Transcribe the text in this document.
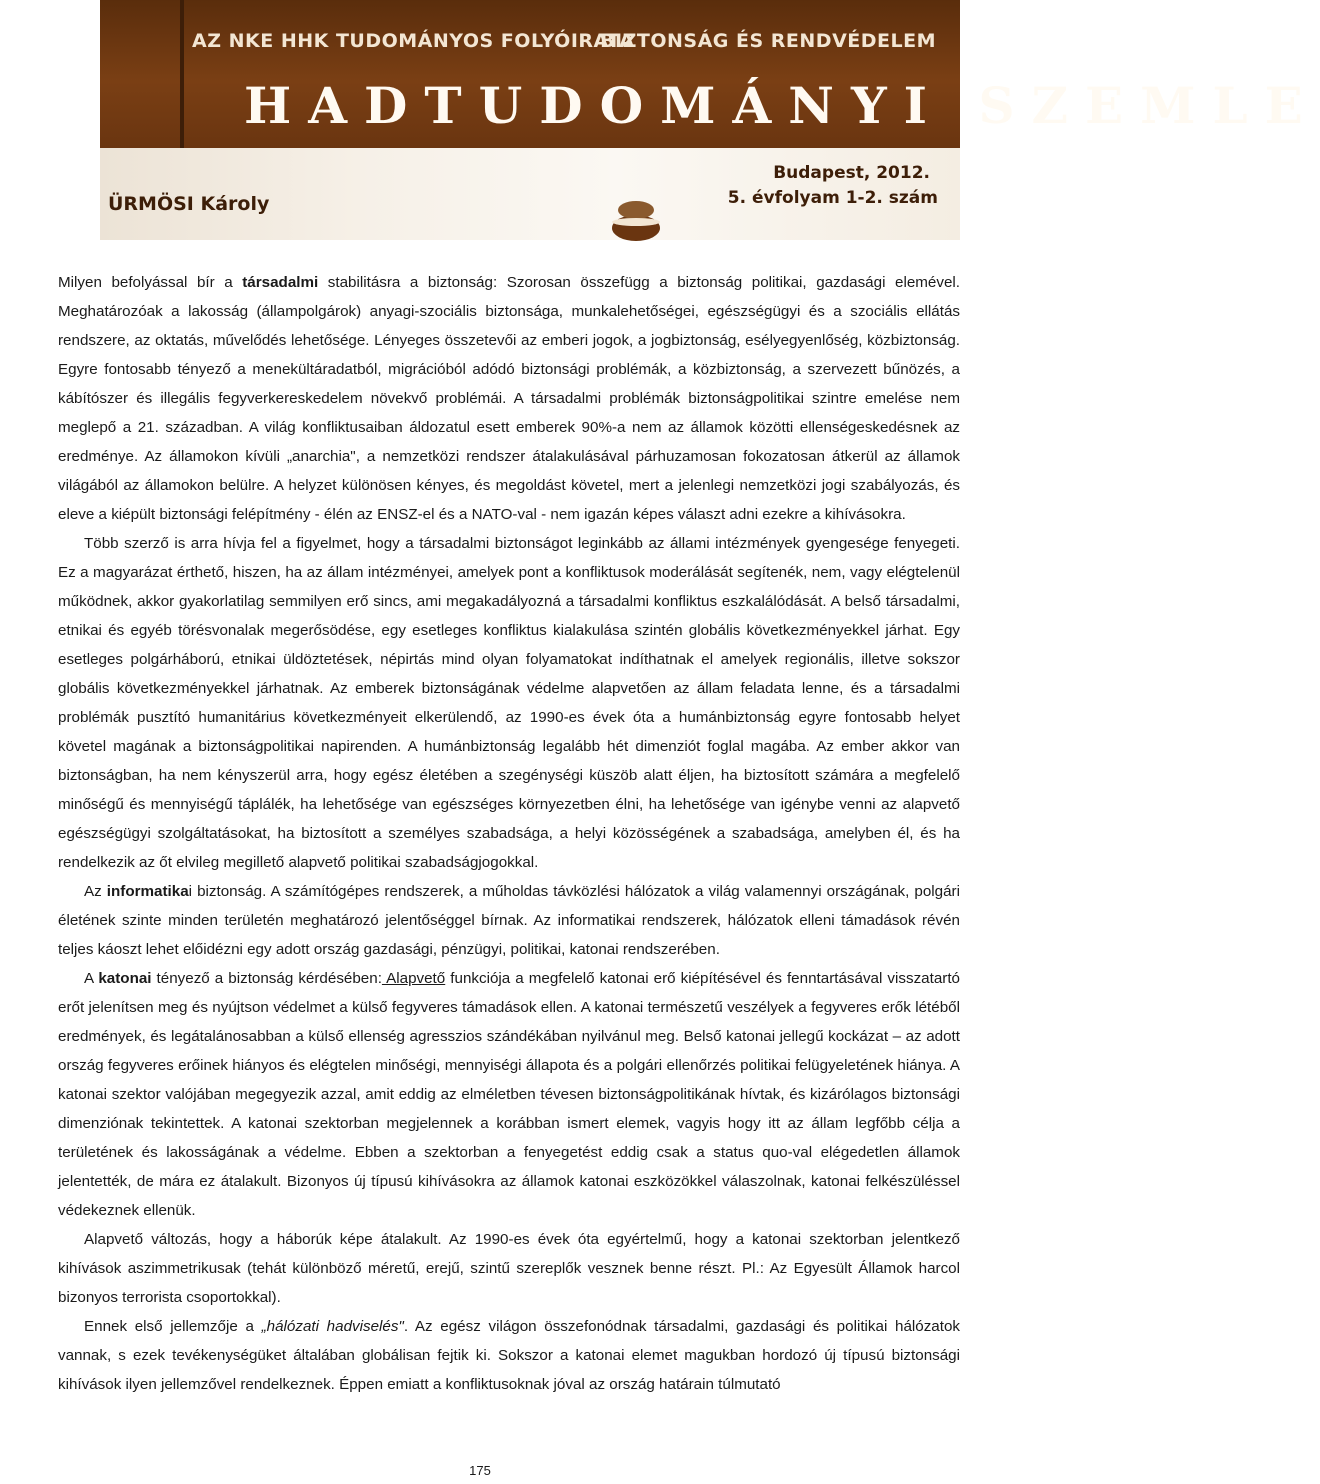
AZ NKE HHK TUDOMÁNYOS FOLYÓIRATA
BIZTONSÁG ÉS RENDVÉDELEM
HADTUDOMÁNYI SZEMLE
ÜRMÖSI Károly
Budapest, 2012.
5. évfolyam 1-2. szám

Milyen befolyással bír a társadalmi stabilitásra a biztonság: Szorosan összefügg a biztonság politikai, gazdasági elemével. Meghatározóak a lakosság (állampolgárok) anyagi-szociális biztonsága, munkalehetőségei, egészségügyi és a szociális ellátás rendszere, az oktatás, művelődés lehetősége. Lényeges összetevői az emberi jogok, a jogbiztonság, esélyegyenlőség, közbiztonság. Egyre fontosabb tényező a menekültáradatból, migrációból adódó biztonsági problémák, a közbiztonság, a szervezett bűnözés, a kábítószer és illegális fegyverkereskedelem növekvő problémái. A társadalmi problémák biztonságpolitikai szintre emelése nem meglepő a 21. században. A világ konfliktusaiban áldozatul esett emberek 90%-a nem az államok közötti ellenségeskedésnek az eredménye. Az államokon kívüli „anarchia", a nemzetközi rendszer átalakulásával párhuzamosan fokozatosan átkerül az államok világából az államokon belülre. A helyzet különösen kényes, és megoldást követel, mert a jelenlegi nemzetközi jogi szabályozás, és eleve a kiépült biztonsági felépítmény - élén az ENSZ-el és a NATO-val - nem igazán képes választ adni ezekre a kihívásokra.

Több szerző is arra hívja fel a figyelmet, hogy a társadalmi biztonságot leginkább az állami intézmények gyengesége fenyegeti. Ez a magyarázat érthető, hiszen, ha az állam intézményei, amelyek pont a konfliktusok moderálását segítenék, nem, vagy elégtelenül működnek, akkor gyakorlatilag semmilyen erő sincs, ami megakadályozná a társadalmi konfliktus eszkalálódását. A belső társadalmi, etnikai és egyéb törésvonalak megerősödése, egy esetleges konfliktus kialakulása szintén globális következményekkel járhat. Egy esetleges polgárháború, etnikai üldöztetések, népirtás mind olyan folyamatokat indíthatnak el amelyek regionális, illetve sokszor globális következményekkel járhatnak. Az emberek biztonságának védelme alapvetően az állam feladata lenne, és a társadalmi problémák pusztító humanitárius következményeit elkerülendő, az 1990-es évek óta a humánbiztonság egyre fontosabb helyet követel magának a biztonságpolitikai napirenden. A humánbiztonság legalább hét dimenziót foglal magába. Az ember akkor van biztonságban, ha nem kényszerül arra, hogy egész életében a szegénységi küszöb alatt éljen, ha biztosított számára a megfelelő minőségű és mennyiségű táplálék, ha lehetősége van egészséges környezetben élni, ha lehetősége van igénybe venni az alapvető egészségügyi szolgáltatásokat, ha biztosított a személyes szabadsága, a helyi közösségének a szabadsága, amelyben él, és ha rendelkezik az őt elvileg megillető alapvető politikai szabadságjogokkal.

Az informatikai biztonság. A számítógépes rendszerek, a műholdas távközlési hálózatok a világ valamennyi országának, polgári életének szinte minden területén meghatározó jelentőséggel bírnak. Az informatikai rendszerek, hálózatok elleni támadások révén teljes káoszt lehet előidézni egy adott ország gazdasági, pénzügyi, politikai, katonai rendszerében.

A katonai tényező a biztonság kérdésében: Alapvető funkciója a megfelelő katonai erő kiépítésével és fenntartásával visszatartó erőt jelenítsen meg és nyújtson védelmet a külső fegyveres támadások ellen. A katonai természetű veszélyek a fegyveres erők létéből eredmények, és legátalánosabban a külső ellenség agresszios szándékában nyilvánul meg. Belső katonai jellegű kockázat – az adott ország fegyveres erőinek hiányos és elégtelen minőségi, mennyiségi állapota és a polgári ellenőrzés politikai felügyeletének hiánya. A katonai szektor valójában megegyezik azzal, amit eddig az elméletben tévesen biztonságpolitikának hívtak, és kizárólagos biztonsági dimenziónak tekintettek. A katonai szektorban megjelennek a korábban ismert elemek, vagyis hogy itt az állam legfőbb célja a területének és lakosságának a védelme. Ebben a szektorban a fenyegetést eddig csak a status quo-val elégedetlen államok jelentették, de mára ez átalakult. Bizonyos új típusú kihívásokra az államok katonai eszközökkel válaszolnak, katonai felkészüléssel védekeznek ellenük.

Alapvető változás, hogy a háborúk képe átalakult. Az 1990-es évek óta egyértelmű, hogy a katonai szektorban jelentkező kihívások aszimmetrikusak (tehát különböző méretű, erejű, szintű szereplők vesznek benne részt. Pl.: Az Egyesült Államok harcol bizonyos terrorista csoportokkal).

Ennek első jellemzője a „hálózati hadviselés". Az egész világon összefonódnak társadalmi, gazdasági és politikai hálózatok vannak, s ezek tevékenységüket általában globálisan fejtik ki. Sokszor a katonai elemet magukban hordozó új típusú biztonsági kihívások ilyen jellemzővel rendelkeznek. Éppen emiatt a konfliktusoknak jóval az ország határain túlmutató

175
